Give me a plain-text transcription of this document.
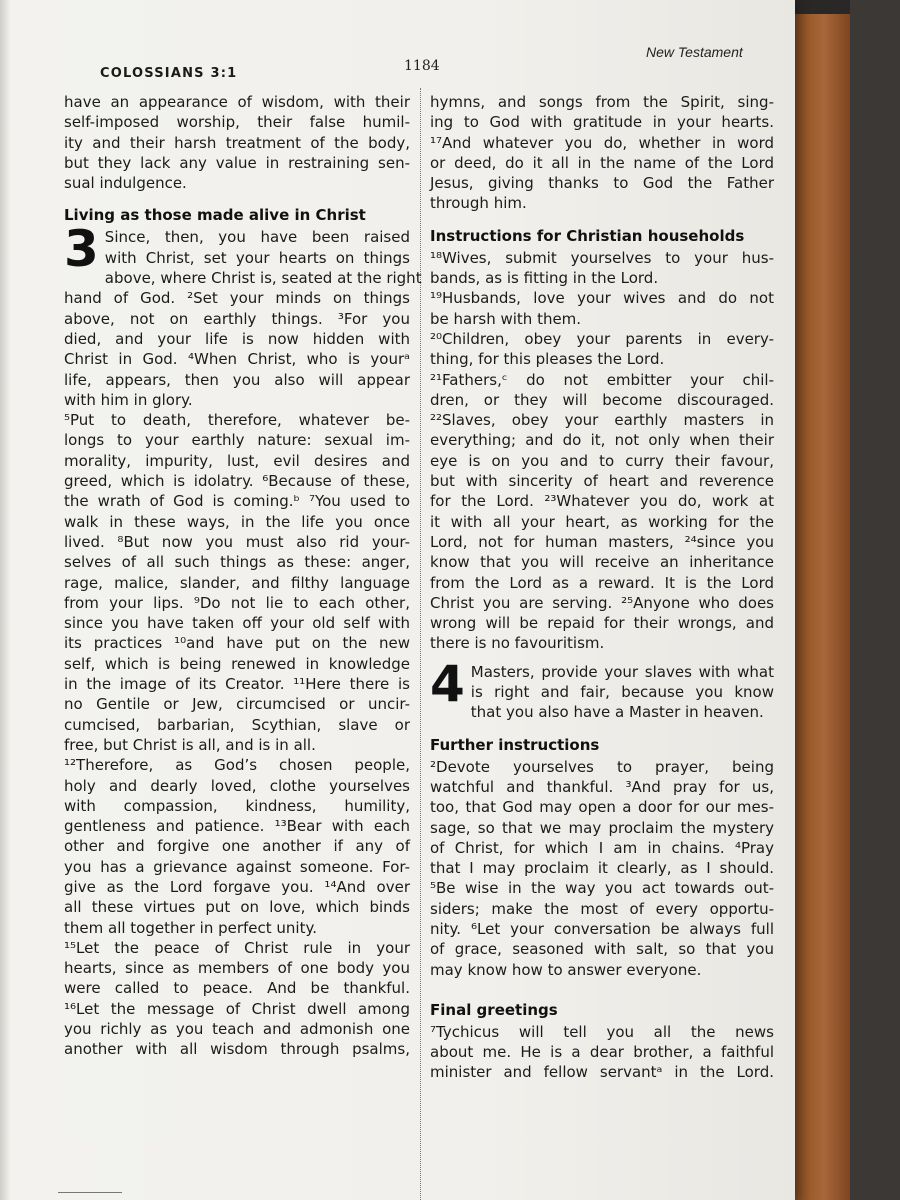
COLOSSIANS 3:1	1184
New Testament
have an appearance of wisdom, with their
self-imposed worship, their false humil-
ity and their harsh treatment of the body,
but they lack any value in restraining sen-
sual indulgence.
Living as those made alive in Christ
3 Since, then, you have been raised
with Christ, set your hearts on things
above, where Christ is, seated at the right
hand of God. ²Set your minds on things
above, not on earthly things. ³For you
died, and your life is now hidden with
Christ in God. ⁴When Christ, who is yourᵃ
life, appears, then you also will appear
with him in glory.
⁵Put to death, therefore, whatever be-
longs to your earthly nature: sexual im-
morality, impurity, lust, evil desires and
greed, which is idolatry. ⁶Because of these,
the wrath of God is coming.ᵇ ⁷You used to
walk in these ways, in the life you once
lived. ⁸But now you must also rid your-
selves of all such things as these: anger,
rage, malice, slander, and filthy language
from your lips. ⁹Do not lie to each other,
since you have taken off your old self with
its practices ¹⁰and have put on the new
self, which is being renewed in knowledge
in the image of its Creator. ¹¹Here there is
no Gentile or Jew, circumcised or uncir-
cumcised, barbarian, Scythian, slave or
free, but Christ is all, and is in all.
¹²Therefore, as God’s chosen people,
holy and dearly loved, clothe yourselves
with compassion, kindness, humility,
gentleness and patience. ¹³Bear with each
other and forgive one another if any of
you has a grievance against someone. For-
give as the Lord forgave you. ¹⁴And over
all these virtues put on love, which binds
them all together in perfect unity.
¹⁵Let the peace of Christ rule in your
hearts, since as members of one body you
were called to peace. And be thankful.
¹⁶Let the message of Christ dwell among
you richly as you teach and admonish one
another with all wisdom through psalms,
hymns, and songs from the Spirit, sing-
ing to God with gratitude in your hearts.
¹⁷And whatever you do, whether in word
or deed, do it all in the name of the Lord
Jesus, giving thanks to God the Father
through him.
Instructions for Christian households
¹⁸Wives, submit yourselves to your hus-
bands, as is fitting in the Lord.
¹⁹Husbands, love your wives and do not
be harsh with them.
²⁰Children, obey your parents in every-
thing, for this pleases the Lord.
²¹Fathers,ᶜ do not embitter your chil-
dren, or they will become discouraged.
²²Slaves, obey your earthly masters in
everything; and do it, not only when their
eye is on you and to curry their favour,
but with sincerity of heart and reverence
for the Lord. ²³Whatever you do, work at
it with all your heart, as working for the
Lord, not for human masters, ²⁴since you
know that you will receive an inheritance
from the Lord as a reward. It is the Lord
Christ you are serving. ²⁵Anyone who does
wrong will be repaid for their wrongs, and
there is no favouritism.
4 Masters, provide your slaves with what
is right and fair, because you know
that you also have a Master in heaven.
Further instructions
²Devote yourselves to prayer, being
watchful and thankful. ³And pray for us,
too, that God may open a door for our mes-
sage, so that we may proclaim the mystery
of Christ, for which I am in chains. ⁴Pray
that I may proclaim it clearly, as I should.
⁵Be wise in the way you act towards out-
siders; make the most of every opportu-
nity. ⁶Let your conversation be always full
of grace, seasoned with salt, so that you
may know how to answer everyone.
Final greetings
⁷Tychicus will tell you all the news
about me. He is a dear brother, a faithful
minister and fellow servantᵃ in the Lord.
